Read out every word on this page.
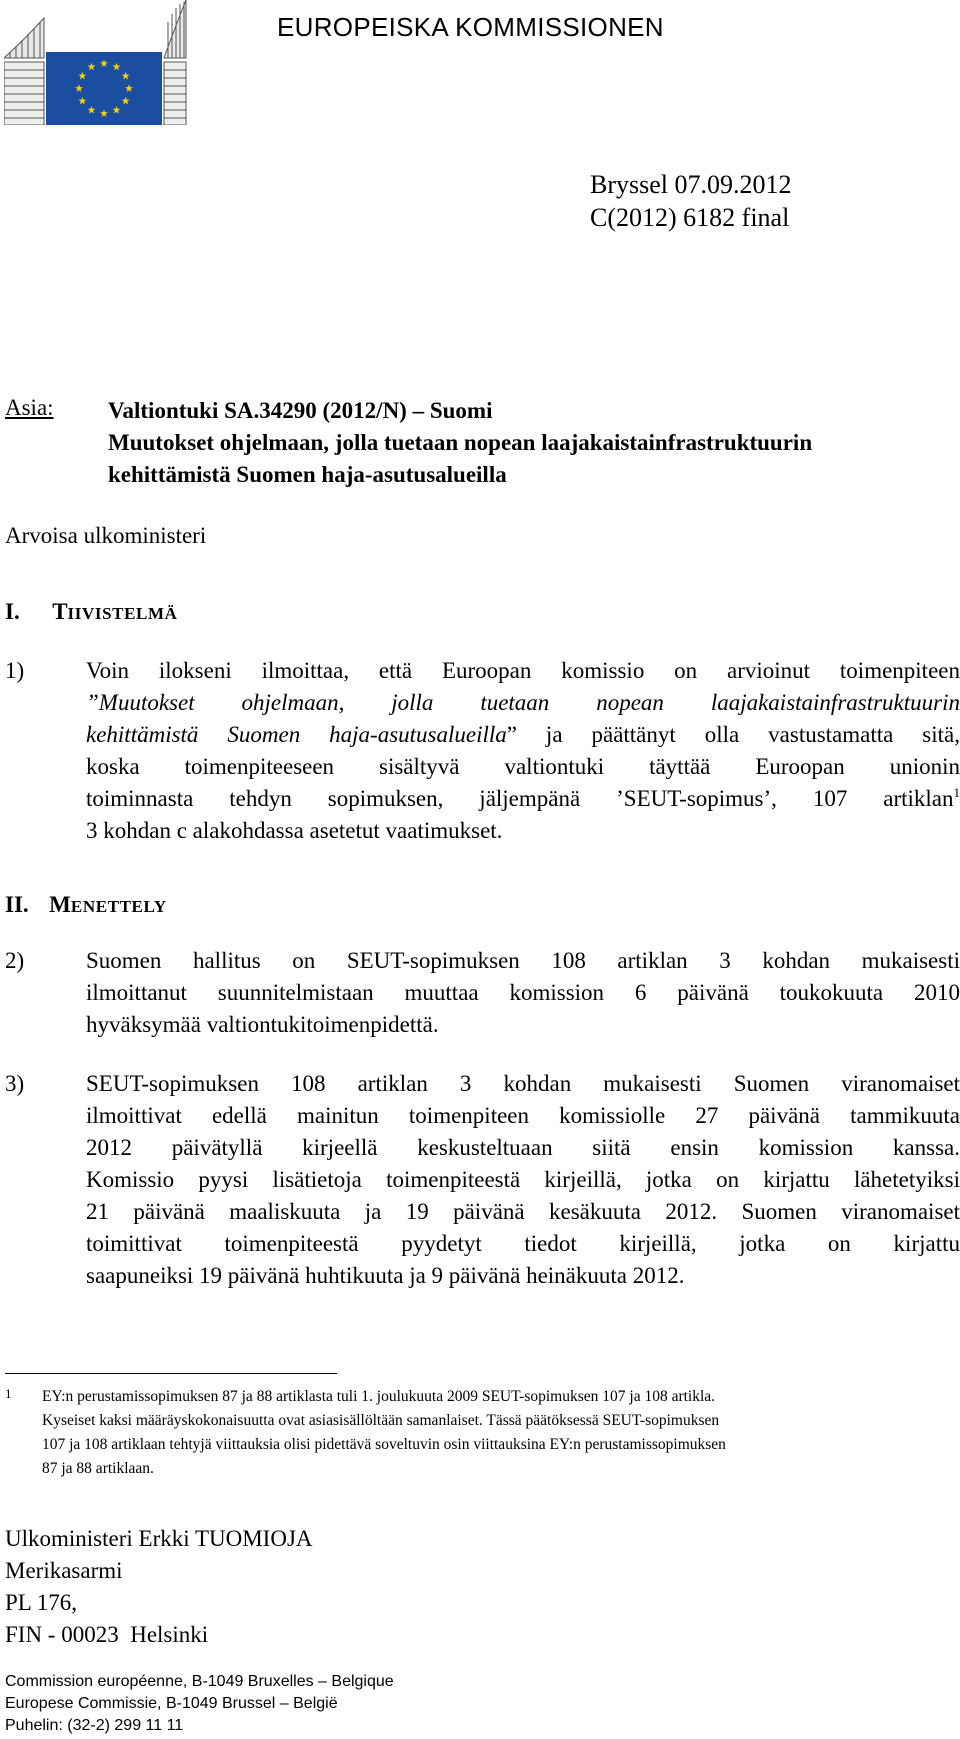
EUROPEISKA KOMMISSIONEN
Bryssel 07.09.2012
C(2012) 6182 final
Asia: Valtiontuki SA.34290 (2012/N) – Suomi
Muutokset ohjelmaan, jolla tuetaan nopean laajakaistainfrastruktuurin
kehittämistä Suomen haja-asutusalueilla
Arvoisa ulkoministeri
I. TIIVISTELMÄ
1)	Voin ilokseni ilmoittaa, että Euroopan komissio on arvioinut toimenpiteen
”Muutokset ohjelmaan, jolla tuetaan nopean laajakaistainfrastruktuurin
kehittämistä Suomen haja-asutusalueilla” ja päättänyt olla vastustamatta sitä,
koska toimenpiteeseen sisältyvä valtiontuki täyttää Euroopan unionin
toiminnasta tehdyn sopimuksen, jäljempänä ’SEUT-sopimus’, 107 artiklan$^1$
3 kohdan c alakohdassa asetetut vaatimukset.
II. MENETTELY
2)	Suomen hallitus on SEUT-sopimuksen 108 artiklan 3 kohdan mukaisesti
ilmoittanut suunnitelmistaan muuttaa komission 6 päivänä toukokuuta 2010
hyväksymää valtiontukitoimenpidettä.
3)	SEUT-sopimuksen 108 artiklan 3 kohdan mukaisesti Suomen viranomaiset
ilmoittivat edellä mainitun toimenpiteen komissiolle 27 päivänä tammikuuta
2012 päivätyllä kirjeellä keskusteltuaan siitä ensin komission kanssa.
Komissio pyysi lisätietoja toimenpiteestä kirjeillä, jotka on kirjattu lähetetyiksi
21 päivänä maaliskuuta ja 19 päivänä kesäkuuta 2012. Suomen viranomaiset
toimittivat toimenpiteestä pyydetyt tiedot kirjeillä, jotka on kirjattu
saapuneiksi 19 päivänä huhtikuuta ja 9 päivänä heinäkuuta 2012.
1 EY:n perustamissopimuksen 87 ja 88 artiklasta tuli 1. joulukuuta 2009 SEUT-sopimuksen 107 ja 108 artikla.
Kyseiset kaksi määräyskokonaisuutta ovat asiasisällöltään samanlaiset. Tässä päätöksessä SEUT-sopimuksen
107 ja 108 artiklaan tehtyjä viittauksia olisi pidettävä soveltuvin osin viittauksina EY:n perustamissopimuksen
87 ja 88 artiklaan.
Ulkoministeri Erkki TUOMIOJA
Merikasarmi
PL 176,
FIN - 00023  Helsinki
Commission européenne, B-1049 Bruxelles – Belgique
Europese Commissie, B-1049 Brussel – België
Puhelin: (32-2) 299 11 11
